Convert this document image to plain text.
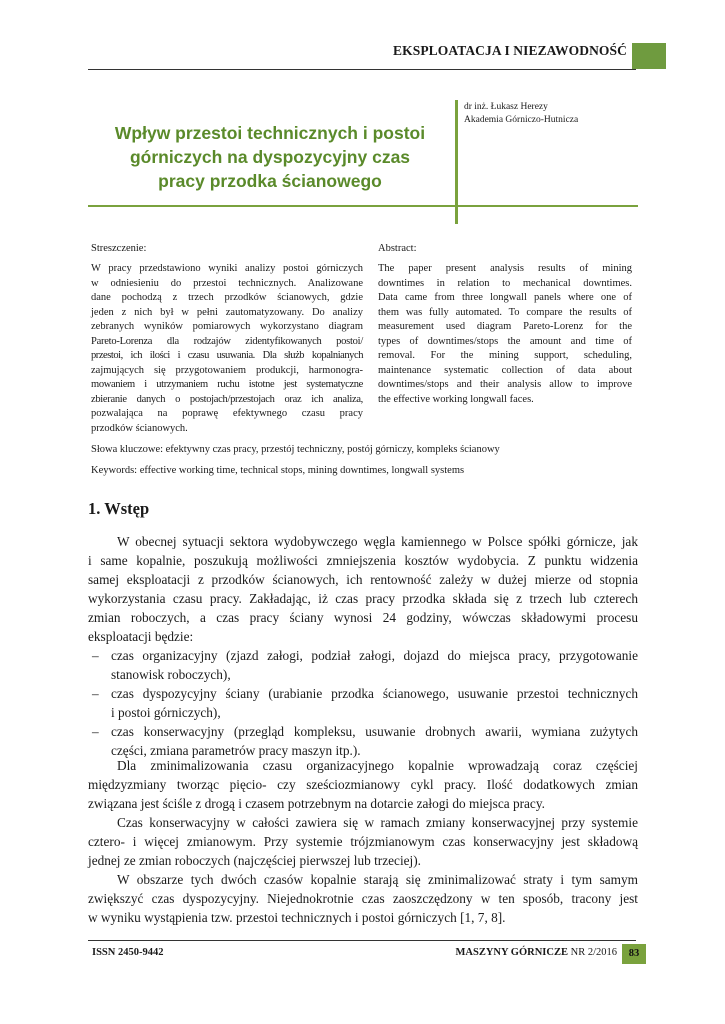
EKSPLOATACJA I NIEZAWODNOŚĆ
Wpływ przestoi technicznych i postoi
górniczych na dyspozycyjny czas
pracy przodka ścianowego
dr inż. Łukasz Herezy
Akademia Górniczo-Hutnicza
Streszczenie:
W pracy przedstawiono wyniki analizy postoi górniczych
w odniesieniu do przestoi technicznych. Analizowane
dane pochodzą z trzech przodków ścianowych, gdzie
jeden z nich był w pełni zautomatyzowany. Do analizy
zebranych wyników pomiarowych wykorzystano diagram
Pareto-Lorenza dla rodzajów zidentyfikowanych postoi/
przestoi, ich ilości i czasu usuwania. Dla służb kopalnianych
zajmujących się przygotowaniem produkcji, harmonogra-
mowaniem i utrzymaniem ruchu istotne jest systematyczne
zbieranie danych o postojach/przestojach oraz ich analiza,
pozwalająca na poprawę efektywnego czasu pracy
przodków ścianowych.
Abstract:
The paper present analysis results of mining
downtimes in relation to mechanical downtimes.
Data came from three longwall panels where one of
them was fully automated. To compare the results of
measurement used diagram Pareto-Lorenz for the
types of downtimes/stops the amount and time of
removal. For the mining support, scheduling,
maintenance systematic collection of data about
downtimes/stops and their analysis allow to improve
the effective working longwall faces.
Słowa kluczowe: efektywny czas pracy, przestój techniczny, postój górniczy, kompleks ścianowy
Keywords: effective working time, technical stops, mining downtimes, longwall systems
1. Wstęp
W obecnej sytuacji sektora wydobywczego węgla kamiennego w Polsce spółki górnicze, jak
i same kopalnie, poszukują możliwości zmniejszenia kosztów wydobycia. Z punktu widzenia
samej eksploatacji z przodków ścianowych, ich rentowność zależy w dużej mierze od stopnia
wykorzystania czasu pracy. Zakładając, iż czas pracy przodka składa się z trzech lub czterech
zmian roboczych, a czas pracy ściany wynosi 24 godziny, wówczas składowymi procesu
eksploatacji będzie:
– czas organizacyjny (zjazd załogi, podział załogi, dojazd do miejsca pracy, przygotowanie
stanowisk roboczych),
– czas dyspozycyjny ściany (urabianie przodka ścianowego, usuwanie przestoi technicznych
i postoi górniczych),
– czas konserwacyjny (przegląd kompleksu, usuwanie drobnych awarii, wymiana zużytych
części, zmiana parametrów pracy maszyn itp.).
Dla zminimalizowania czasu organizacyjnego kopalnie wprowadzają coraz częściej
międzyzmiany tworząc pięcio- czy sześciozmianowy cykl pracy. Ilość dodatkowych zmian
związana jest ściśle z drogą i czasem potrzebnym na dotarcie załogi do miejsca pracy.
Czas konserwacyjny w całości zawiera się w ramach zmiany konserwacyjnej przy systemie
cztero- i więcej zmianowym. Przy systemie trójzmianowym czas konserwacyjny jest składową
jednej ze zmian roboczych (najczęściej pierwszej lub trzeciej).
W obszarze tych dwóch czasów kopalnie starają się zminimalizować straty i tym samym
zwiększyć czas dyspozycyjny. Niejednokrotnie czas zaoszczędzony w ten sposób, tracony jest
w wyniku wystąpienia tzw. przestoi technicznych i postoi górniczych [1, 7, 8].
ISSN 2450-9442	MASZYNY GÓRNICZE NR 2/2016	83
